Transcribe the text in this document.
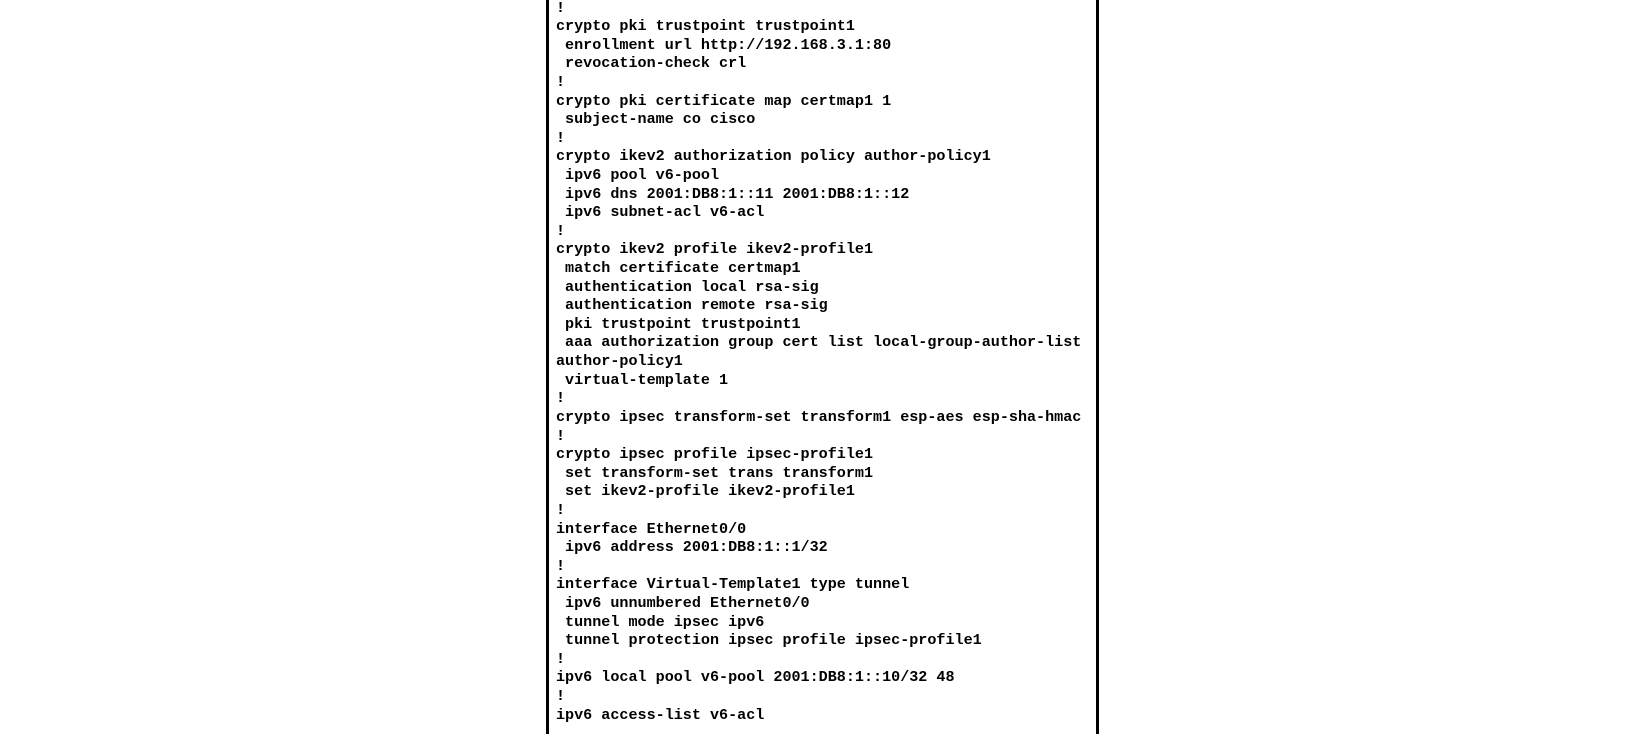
!
crypto pki trustpoint trustpoint1
enrollment url http://192.168.3.1:80
revocation-check crl
!
crypto pki certificate map certmap1 1
subject-name co cisco
!
crypto ikev2 authorization policy author-policy1
ipv6 pool v6-pool
ipv6 dns 2001:DB8:1::11 2001:DB8:1::12
ipv6 subnet-acl v6-acl
!
crypto ikev2 profile ikev2-profile1
match certificate certmap1
authentication local rsa-sig
authentication remote rsa-sig
pki trustpoint trustpoint1
aaa authorization group cert list local-group-author-list
author-policy1
virtual-template 1
!
crypto ipsec transform-set transform1 esp-aes esp-sha-hmac
!
crypto ipsec profile ipsec-profile1
set transform-set trans transform1
set ikev2-profile ikev2-profile1
!
interface Ethernet0/0
ipv6 address 2001:DB8:1::1/32
!
interface Virtual-Template1 type tunnel
ipv6 unnumbered Ethernet0/0
tunnel mode ipsec ipv6
tunnel protection ipsec profile ipsec-profile1
!
ipv6 local pool v6-pool 2001:DB8:1::10/32 48
!
ipv6 access-list v6-acl
